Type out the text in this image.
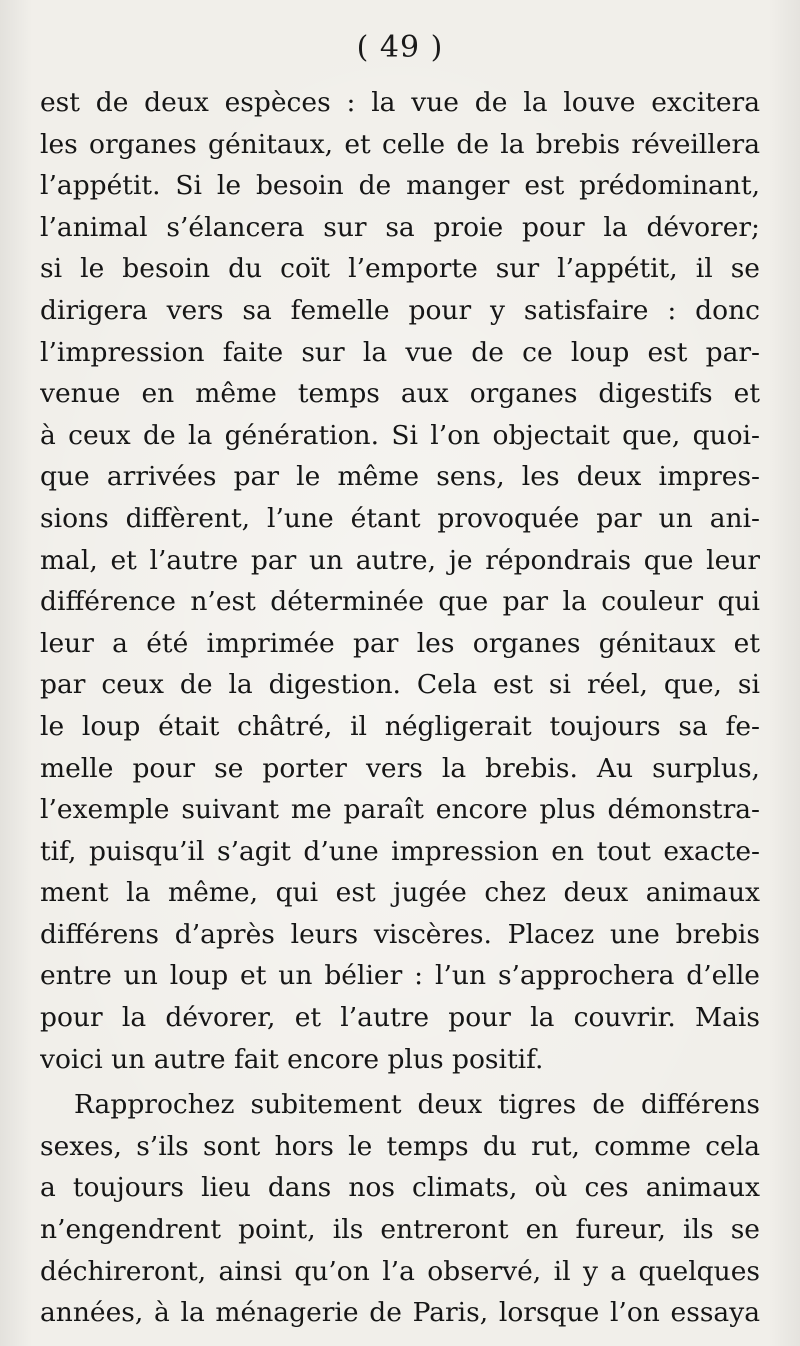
( 49 )
est de deux espèces : la vue de la louve excitera
les organes génitaux, et celle de la brebis réveillera
l’appétit. Si le besoin de manger est prédominant,
l’animal s’élancera sur sa proie pour la dévorer;
si le besoin du coït l’emporte sur l’appétit, il se
dirigera vers sa femelle pour y satisfaire : donc
l’impression faite sur la vue de ce loup est par-
venue en même temps aux organes digestifs et
à ceux de la génération. Si l’on objectait que, quoi-
que arrivées par le même sens, les deux impres-
sions diffèrent, l’une étant provoquée par un ani-
mal, et l’autre par un autre, je répondrais que leur
différence n’est déterminée que par la couleur qui
leur a été imprimée par les organes génitaux et
par ceux de la digestion. Cela est si réel, que, si
le loup était châtré, il négligerait toujours sa fe-
melle pour se porter vers la brebis. Au surplus,
l’exemple suivant me paraît encore plus démonstra-
tif, puisqu’il s’agit d’une impression en tout exacte-
ment la même, qui est jugée chez deux animaux
différens d’après leurs viscères. Placez une brebis
entre un loup et un bélier : l’un s’approchera d’elle
pour la dévorer, et l’autre pour la couvrir. Mais
voici un autre fait encore plus positif.
Rapprochez subitement deux tigres de différens
sexes, s’ils sont hors le temps du rut, comme cela
a toujours lieu dans nos climats, où ces animaux
n’engendrent point, ils entreront en fureur, ils se
déchireront, ainsi qu’on l’a observé, il y a quelques
années, à la ménagerie de Paris, lorsque l’on essaya
